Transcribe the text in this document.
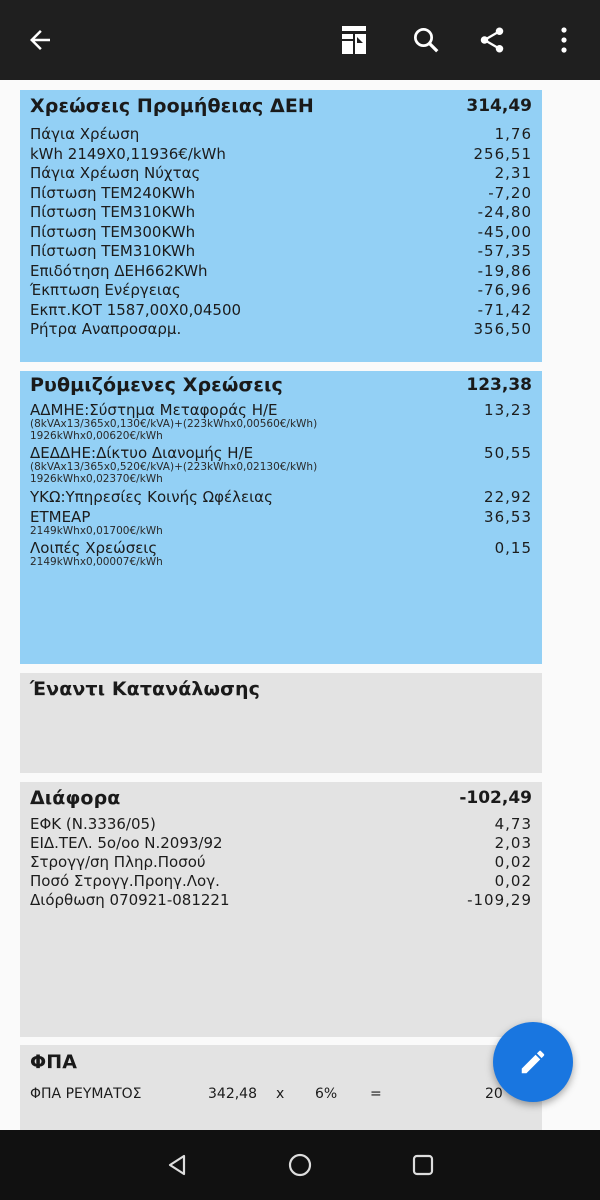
Χρεώσεις Προμήθειας ΔΕΗ	314,49
Πάγια Χρέωση	1,76
kWh 2149X0,11936€/kWh	256,51
Πάγια Χρέωση Νύχτας	2,31
Πίστωση ΤΕΜ240KWh	-7,20
Πίστωση ΤΕΜ310KWh	-24,80
Πίστωση ΤΕΜ300KWh	-45,00
Πίστωση ΤΕΜ310KWh	-57,35
Επιδότηση ΔΕΗ662KWh	-19,86
Έκπτωση Ενέργειας	-76,96
Εκπτ.ΚΟΤ 1587,00Χ0,04500	-71,42
Ρήτρα Αναπροσαρμ.	356,50
Ρυθμιζόμενες Χρεώσεις	123,38
ΑΔΜΗΕ:Σύστημα Μεταφοράς Η/Ε	13,23
(8kVAx13/365x0,130€/kVA)+(223kWhx0,00560€/kWh)
1926kWhx0,00620€/kWh
ΔΕΔΔΗΕ:Δίκτυο Διανομής Η/Ε	50,55
(8kVAx13/365x0,520€/kVA)+(223kWhx0,02130€/kWh)
1926kWhx0,02370€/kWh
ΥΚΩ:Υπηρεσίες Κοινής Ωφέλειας	22,92
ΕΤΜΕΑΡ	36,53
2149kWhx0,01700€/kWh
Λοιπές Χρεώσεις	0,15
2149kWhx0,00007€/kWh
Έναντι Κατανάλωσης
Διάφορα	-102,49
ΕΦΚ (Ν.3336/05)	4,73
ΕΙΔ.ΤΕΛ. 5ο/οο Ν.2093/92	2,03
Στρογγ/ση Πληρ.Ποσού	0,02
Ποσό Στρογγ.Προηγ.Λογ.	0,02
Διόρθωση 070921-081221	-109,29
ΦΠΑ
ΦΠΑ ΡΕΥΜΑΤΟΣ	342,48 x 6% =	20
